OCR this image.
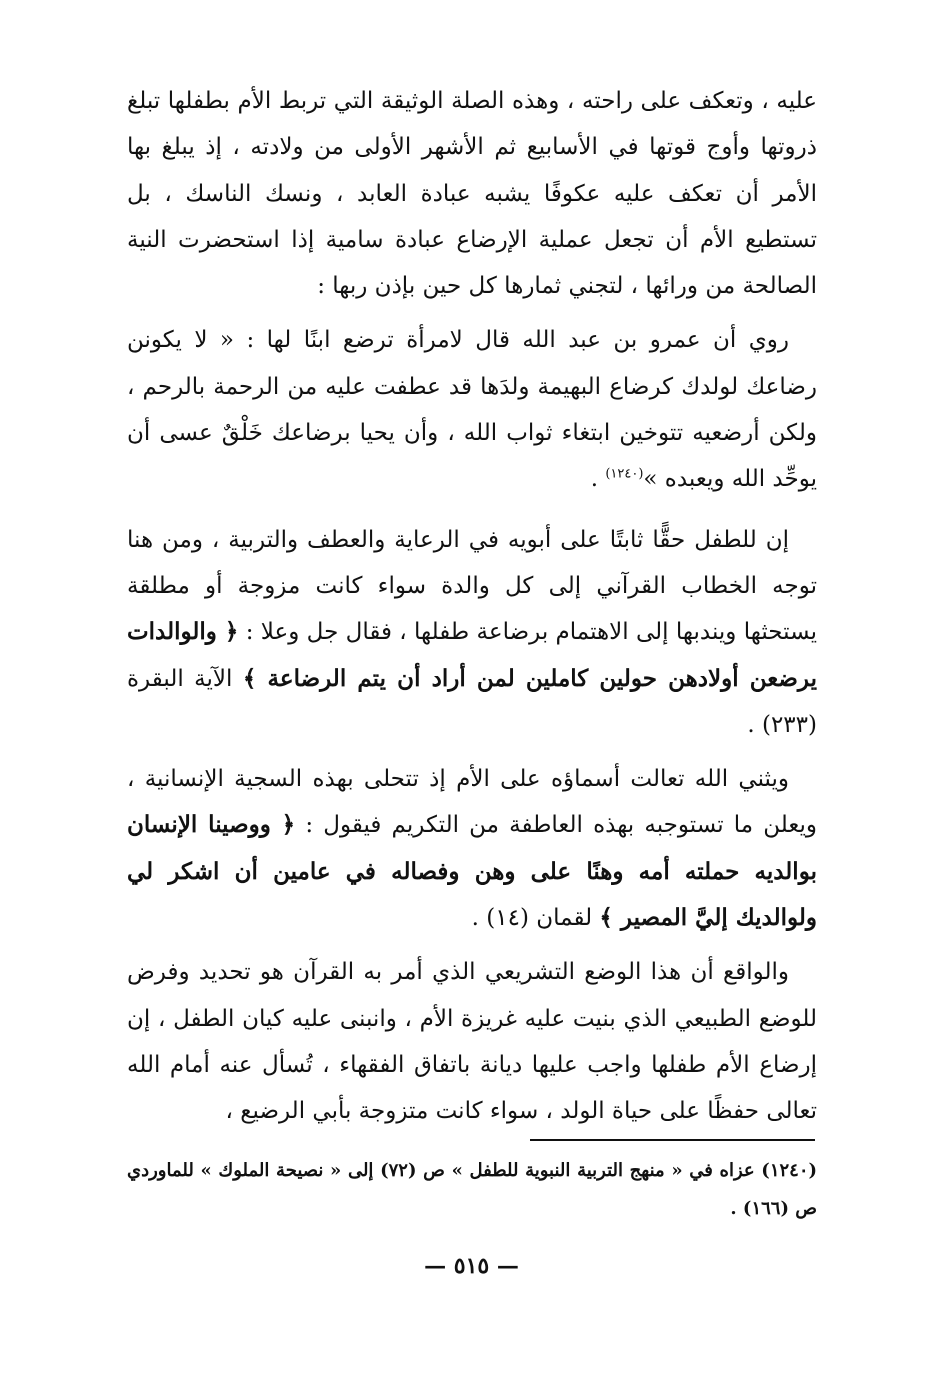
عليه ، وتعكف على راحته ، وهذه الصلة الوثيقة التي تربط الأم بطفلها تبلغ ذروتها وأوج قوتها في الأسابيع ثم الأشهر الأولى من ولادته ، إذ يبلغ بها الأمر أن تعكف عليه عكوفًا يشبه عبادة العابد ، ونسك الناسك ، بل تستطيع الأم أن تجعل عملية الإرضاع عبادة سامية إذا استحضرت النية الصالحة من ورائها ، لتجني ثمارها كل حين بإذن ربها :

روي أن عمرو بن عبد الله قال لامرأة ترضع ابنًا لها : « لا يكونن رضاعك لولدك كرضاع البهيمة ولدَها قد عطفت عليه من الرحمة بالرحم ، ولكن أرضعيه تتوخين ابتغاء ثواب الله ، وأن يحيا برضاعك خَلْقٌ عسى أن يوحِّد الله ويعبده »$^{(١٢٤٠)}$ .

إن للطفل حقًّا ثابتًا على أبويه في الرعاية والعطف والتربية ، ومن هنا توجه الخطاب القرآني إلى كل والدة سواء كانت مزوجة أو مطلقة يستحثها ويندبها إلى الاهتمام برضاعة طفلها ، فقال جل وعلا : ﴿ والوالدات يرضعن أولادهن حولين كاملين لمن أراد أن يتم الرضاعة ﴾ الآية البقرة (٢٣٣) .

ويثني الله تعالت أسماؤه على الأم إذ تتحلى بهذه السجية الإنسانية ، ويعلن ما تستوجبه بهذه العاطفة من التكريم فيقول : ﴿ ووصينا الإنسان بوالديه حملته أمه وهنًا على وهن وفصاله في عامين أن اشكر لي ولوالديك إليَّ المصير ﴾ لقمان (١٤) .

والواقع أن هذا الوضع التشريعي الذي أمر به القرآن هو تحديد وفرض للوضع الطبيعي الذي بنيت عليه غريزة الأم ، وانبنى عليه كيان الطفل ، إن إرضاع الأم طفلها واجب عليها ديانة باتفاق الفقهاء ، تُسأل عنه أمام الله تعالى حفظًا على حياة الولد ، سواء كانت متزوجة بأبي الرضيع ،

(١٢٤٠) عزاه في « منهج التربية النبوية للطفل » ص (٧٢) إلى « نصيحة الملوك » للماوردي ص (١٦٦) .

— ٥١٥ —
